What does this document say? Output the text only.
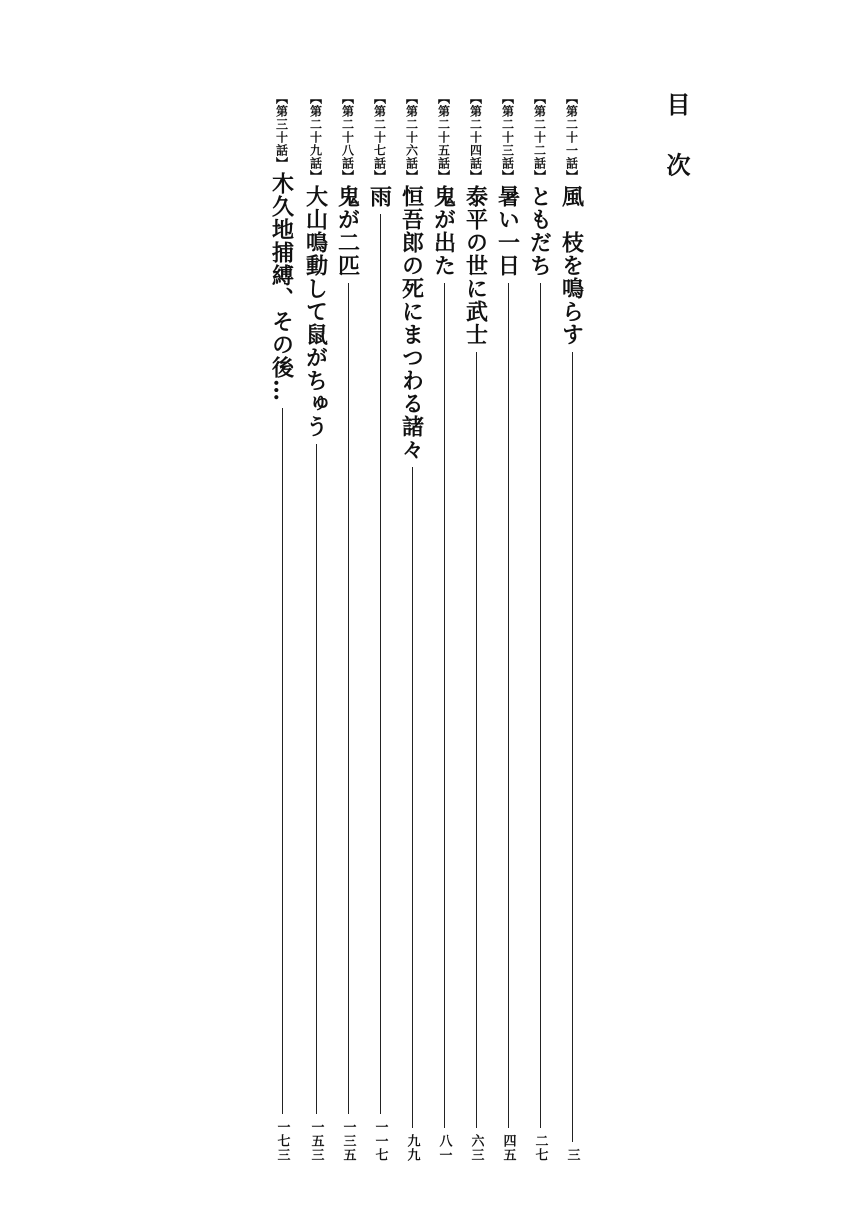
目 次
【第二十一話】
風　枝を鳴らす
三
【第二十二話】
ともだち
二七
【第二十三話】
暑い一日
四五
【第二十四話】
泰平の世に武士
六三
【第二十五話】
鬼が出た
八一
【第二十六話】
恒吾郎の死にまつわる諸々
九九
【第二十七話】
雨
一一七
【第二十八話】
鬼が二匹
一三五
【第二十九話】
大山鳴動して鼠がちゅう
一五三
【第三十話】
木久地捕縛、その後…
一七三
